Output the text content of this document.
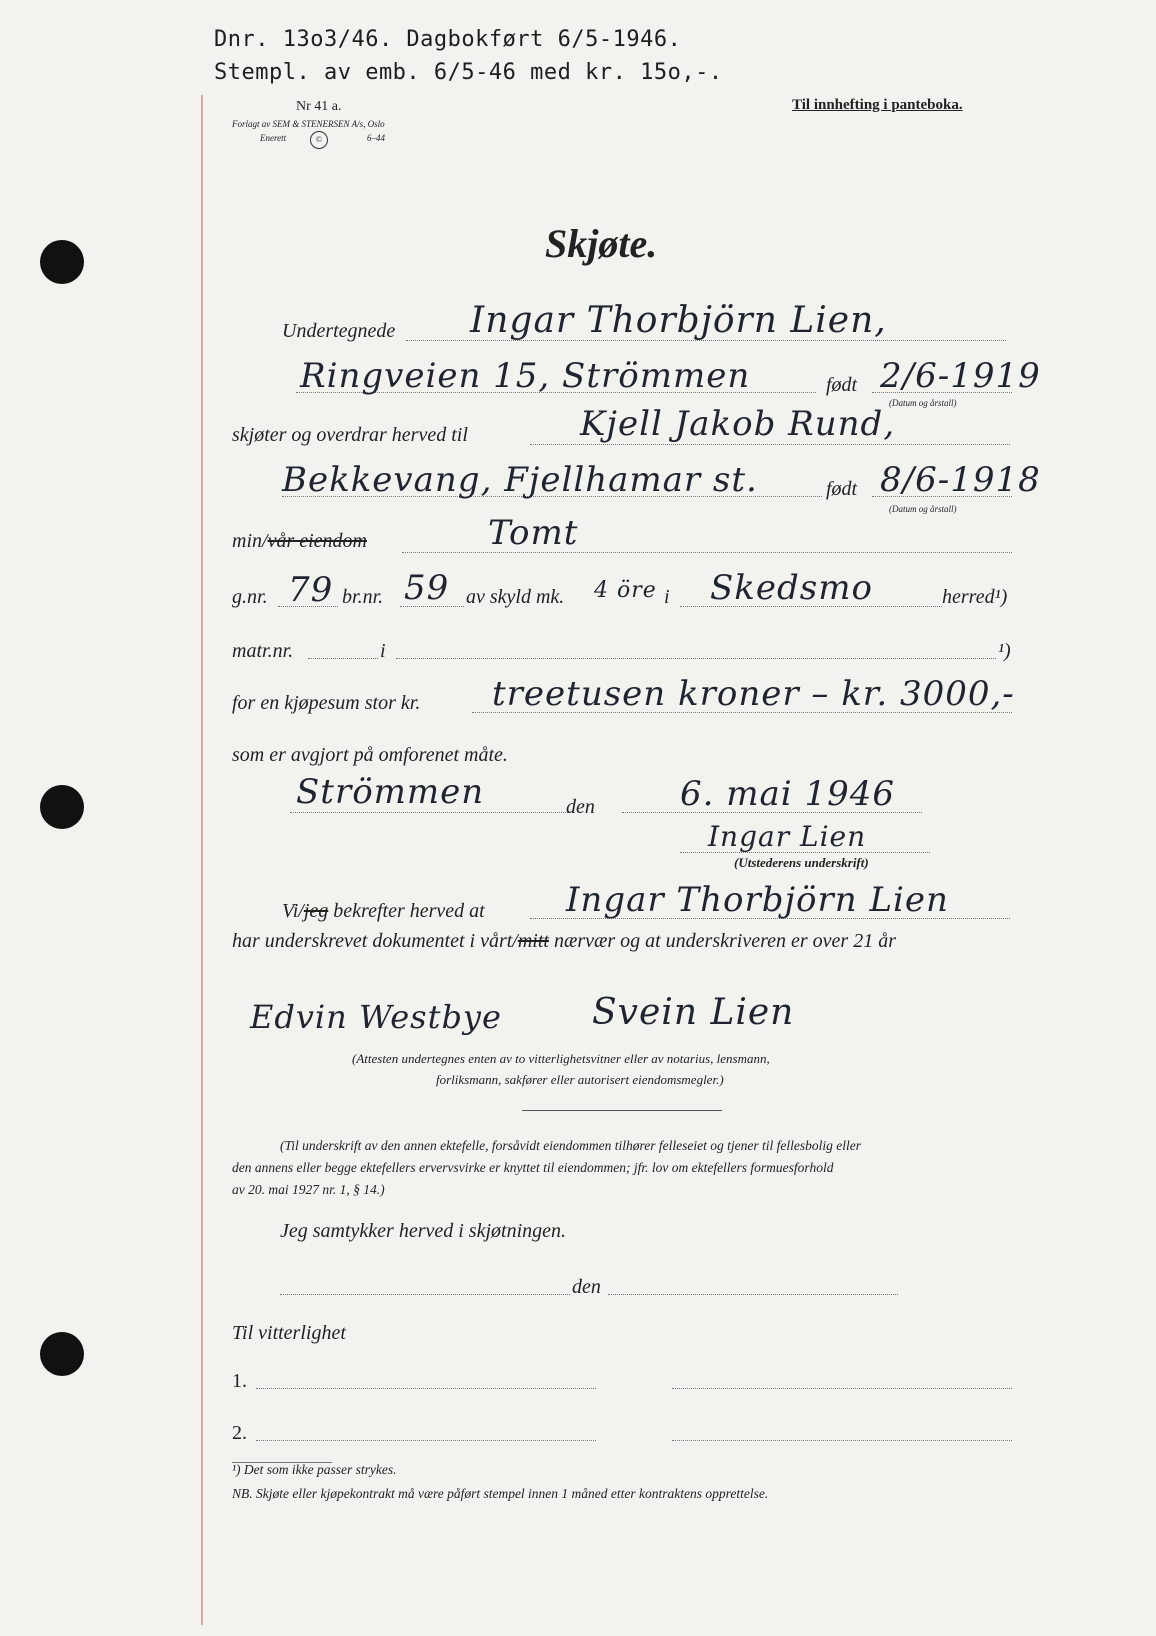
Dnr. 13o3/46. Dagbokført 6/5-1946.
Stempl. av emb. 6/5-46 med kr. 15o,-.
Nr 41 a.
Forlagt av SEM & STENERSEN A/s, Oslo
Enerett	©	6–44
Til innhefting i panteboka.
Skjøte.
Undertegnede Ingar Thorbjörn Lien,
Ringveien 15, Strömmen	født 2/6-1919
(Datum og årstall)
skjøter og overdrar herved til	Kjell Jakob Rund,
Bekkevang, Fjellhamar st.	født 8/6-1918
(Datum og årstall)
min/vår eiendom	Tomt
g.nr. 79 br.nr. 59 av skyld mk. 4 öre i Skedsmo	herred¹)
matr.nr.	i	¹)
for en kjøpesum stor kr. treetusen kroner – kr. 3000,-
som er avgjort på omforenet måte.
Strömmen	den	6. mai 1946
Ingar Lien
(Utstederens underskrift)
Vi/jeg bekrefter herved at Ingar Thorbjörn Lien
har underskrevet dokumentet i vårt/mitt nærvær og at underskriveren er over 21 år
Edvin Westbye	Svein Lien
(Attesten undertegnes enten av to vitterlighetsvitner eller av notarius, lensmann,
forliksmann, sakfører eller autorisert eiendomsmegler.)
(Til underskrift av den annen ektefelle, forsåvidt eiendommen tilhører felleseiet og tjener til fellesbolig eller
den annens eller begge ektefellers ervervsvirke er knyttet til eiendommen; jfr. lov om ektefellers formuesforhold
av 20. mai 1927 nr. 1, § 14.)
Jeg samtykker herved i skjøtningen.
den
Til vitterlighet
1.
2.
¹) Det som ikke passer strykes.
NB. Skjøte eller kjøpekontrakt må være påført stempel innen 1 måned etter kontraktens opprettelse.
